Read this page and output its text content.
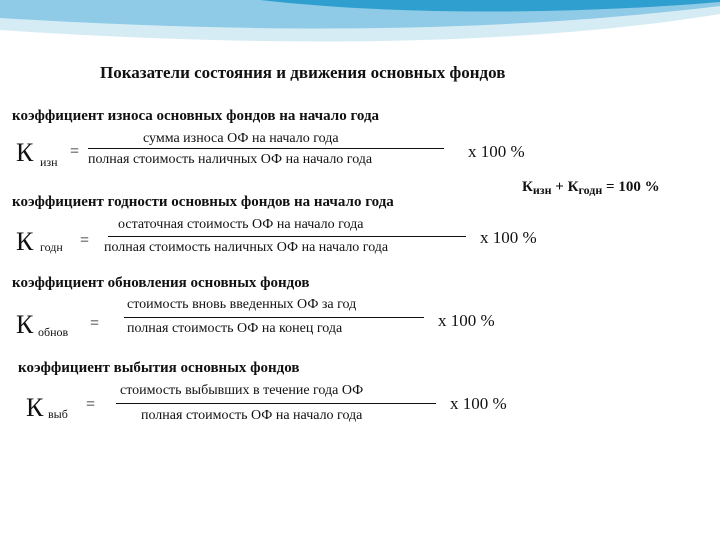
Показатели состояния и движения основных фондов
коэффициент износа основных фондов на начало года
сумма износа ОФ на начало года
полная стоимость наличных ОФ на начало года
К изн
=	х 100 %
$К_{изн} + К_{годн} = 100$ %
коэффициент годности основных фондов на начало года
остаточная стоимость ОФ на начало года
полная стоимость наличных ОФ на начало года
К годн =	х 100 %
коэффициент обновления основных фондов
стоимость вновь введенных ОФ за год
полная стоимость ОФ на конец года
К обнов =	х 100 %
коэффициент выбытия основных фондов
стоимость выбывших в течение года ОФ
полная стоимость ОФ на начало года
К выб
=	х 100 %
